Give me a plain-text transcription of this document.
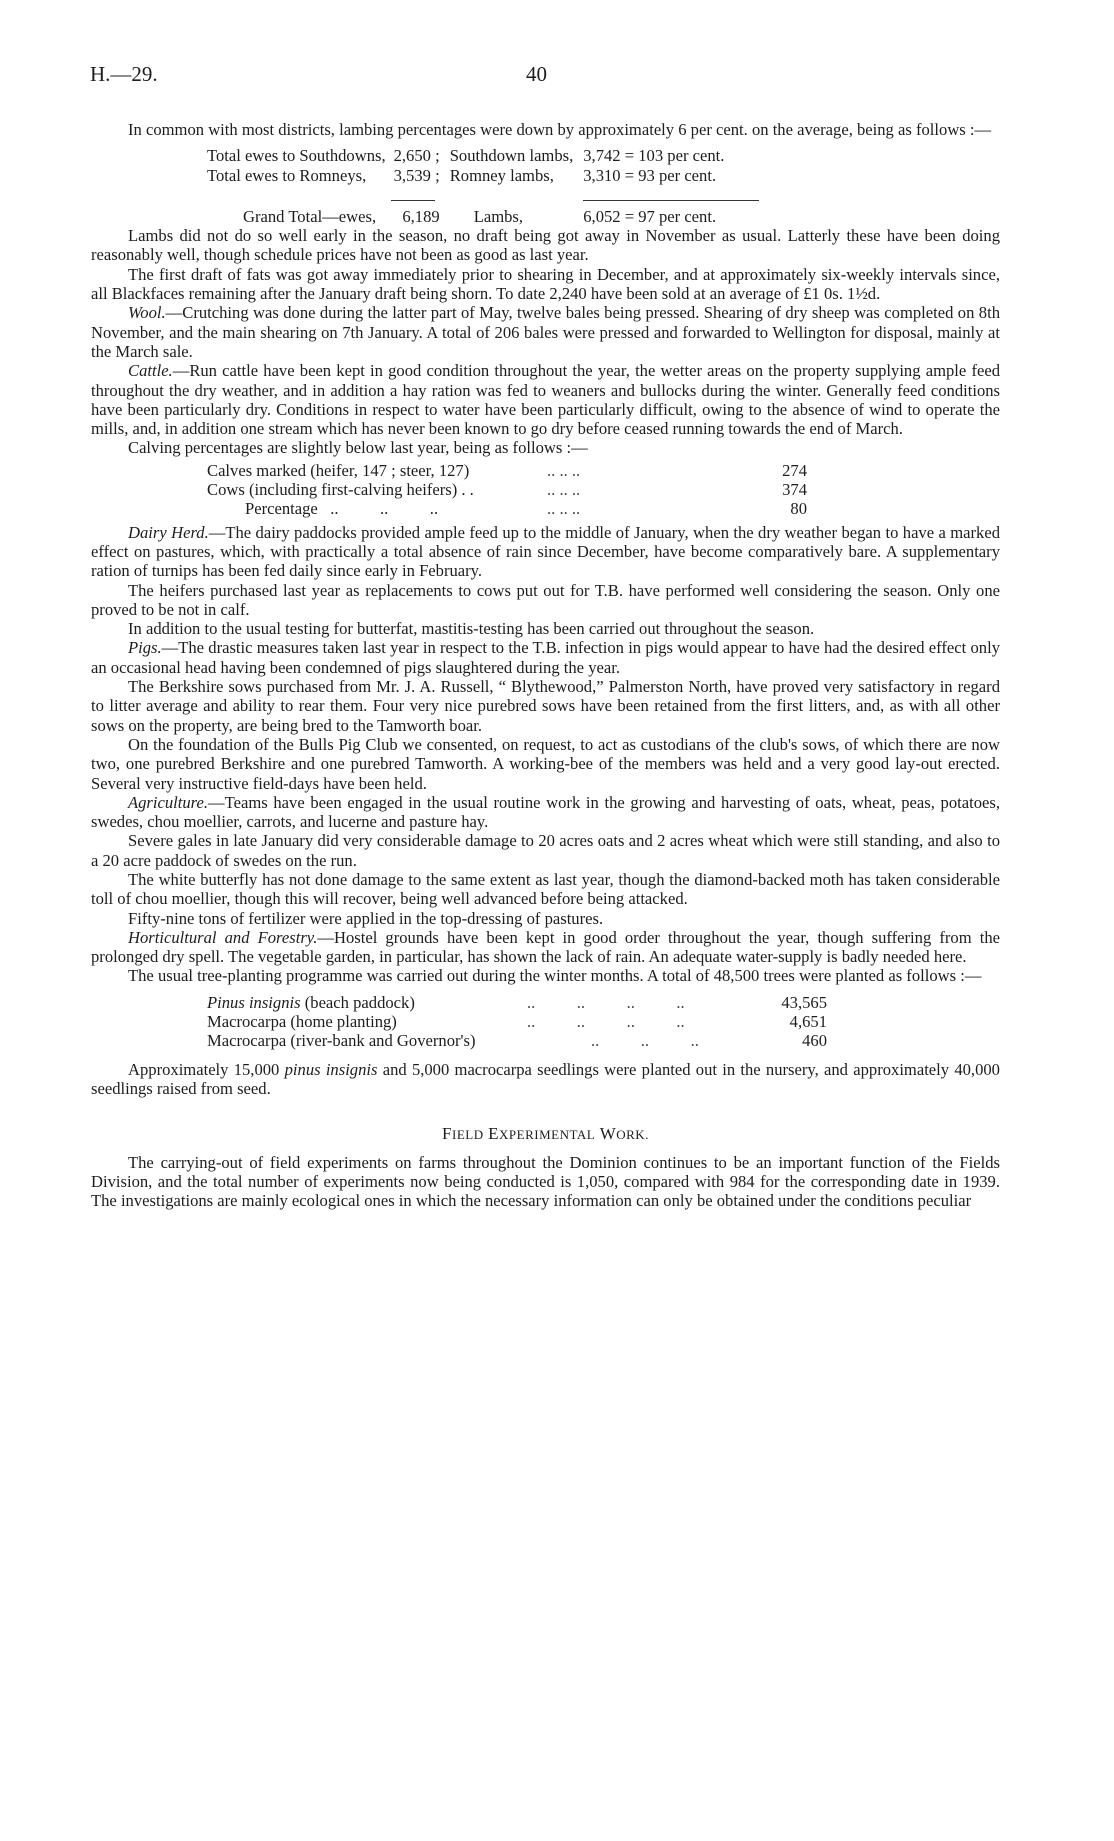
H.—29.	40

In common with most districts, lambing percentages were down by approximately 6 per cent. on the average, being as follows :—

Total ewes to Southdowns,	2,650 ;	Southdown lambs,	3,742 = 103 per cent.
Total ewes to Romneys,	3,539 ;	Romney lambs,	3,310 = 93 per cent.

Grand Total—ewes,	6,189	Lambs,	6,052 = 97 per cent.

Lambs did not do so well early in the season, no draft being got away in November as usual. Latterly these have been doing reasonably well, though schedule prices have not been as good as last year.

The first draft of fats was got away immediately prior to shearing in December, and at approximately six-weekly intervals since, all Blackfaces remaining after the January draft being shorn. To date 2,240 have been sold at an average of £1 0s. 1½d.

Wool.—Crutching was done during the latter part of May, twelve bales being pressed. Shearing of dry sheep was completed on 8th November, and the main shearing on 7th January. A total of 206 bales were pressed and forwarded to Wellington for disposal, mainly at the March sale.

Cattle.—Run cattle have been kept in good condition throughout the year, the wetter areas on the property supplying ample feed throughout the dry weather, and in addition a hay ration was fed to weaners and bullocks during the winter. Generally feed conditions have been particularly dry. Conditions in respect to water have been particularly difficult, owing to the absence of wind to operate the mills, and, in addition one stream which has never been known to go dry before ceased running towards the end of March.

Calving percentages are slightly below last year, being as follows :—

Calves marked (heifer, 147 ; steer, 127)	.. .. ..	274
Cows (including first-calving heifers) . .	.. .. ..	374
Percentage   ..          ..          ..	.. .. ..	80

Dairy Herd.—The dairy paddocks provided ample feed up to the middle of January, when the dry weather began to have a marked effect on pastures, which, with practically a total absence of rain since December, have become comparatively bare. A supplementary ration of turnips has been fed daily since early in February.

The heifers purchased last year as replacements to cows put out for T.B. have performed well considering the season. Only one proved to be not in calf.

In addition to the usual testing for butterfat, mastitis-testing has been carried out throughout the season.

Pigs.—The drastic measures taken last year in respect to the T.B. infection in pigs would appear to have had the desired effect only an occasional head having been condemned of pigs slaughtered during the year.

The Berkshire sows purchased from Mr. J. A. Russell, “ Blythewood,” Palmerston North, have proved very satisfactory in regard to litter average and ability to rear them. Four very nice purebred sows have been retained from the first litters, and, as with all other sows on the property, are being bred to the Tamworth boar.

On the foundation of the Bulls Pig Club we consented, on request, to act as custodians of the club's sows, of which there are now two, one purebred Berkshire and one purebred Tamworth. A working-bee of the members was held and a very good lay-out erected. Several very instructive field-days have been held.

Agriculture.—Teams have been engaged in the usual routine work in the growing and harvesting of oats, wheat, peas, potatoes, swedes, chou moellier, carrots, and lucerne and pasture hay.

Severe gales in late January did very considerable damage to 20 acres oats and 2 acres wheat which were still standing, and also to a 20 acre paddock of swedes on the run.

The white butterfly has not done damage to the same extent as last year, though the diamond-backed moth has taken considerable toll of chou moellier, though this will recover, being well advanced before being attacked.

Fifty-nine tons of fertilizer were applied in the top-dressing of pastures.

Horticultural and Forestry.—Hostel grounds have been kept in good order throughout the year, though suffering from the prolonged dry spell. The vegetable garden, in particular, has shown the lack of rain. An adequate water-supply is badly needed here.

The usual tree-planting programme was carried out during the winter months. A total of 48,500 trees were planted as follows :—

Pinus insignis (beach paddock)	..          ..          ..          ..	43,565
Macrocarpa (home planting)	..          ..          ..          ..	4,651
Macrocarpa (river-bank and Governor's)	..          ..          ..	460

Approximately 15,000 pinus insignis and 5,000 macrocarpa seedlings were planted out in the nursery, and approximately 40,000 seedlings raised from seed.

FIELD EXPERIMENTAL WORK.

The carrying-out of field experiments on farms throughout the Dominion continues to be an important function of the Fields Division, and the total number of experiments now being conducted is 1,050, compared with 984 for the corresponding date in 1939. The investigations are mainly ecological ones in which the necessary information can only be obtained under the conditions peculiar
